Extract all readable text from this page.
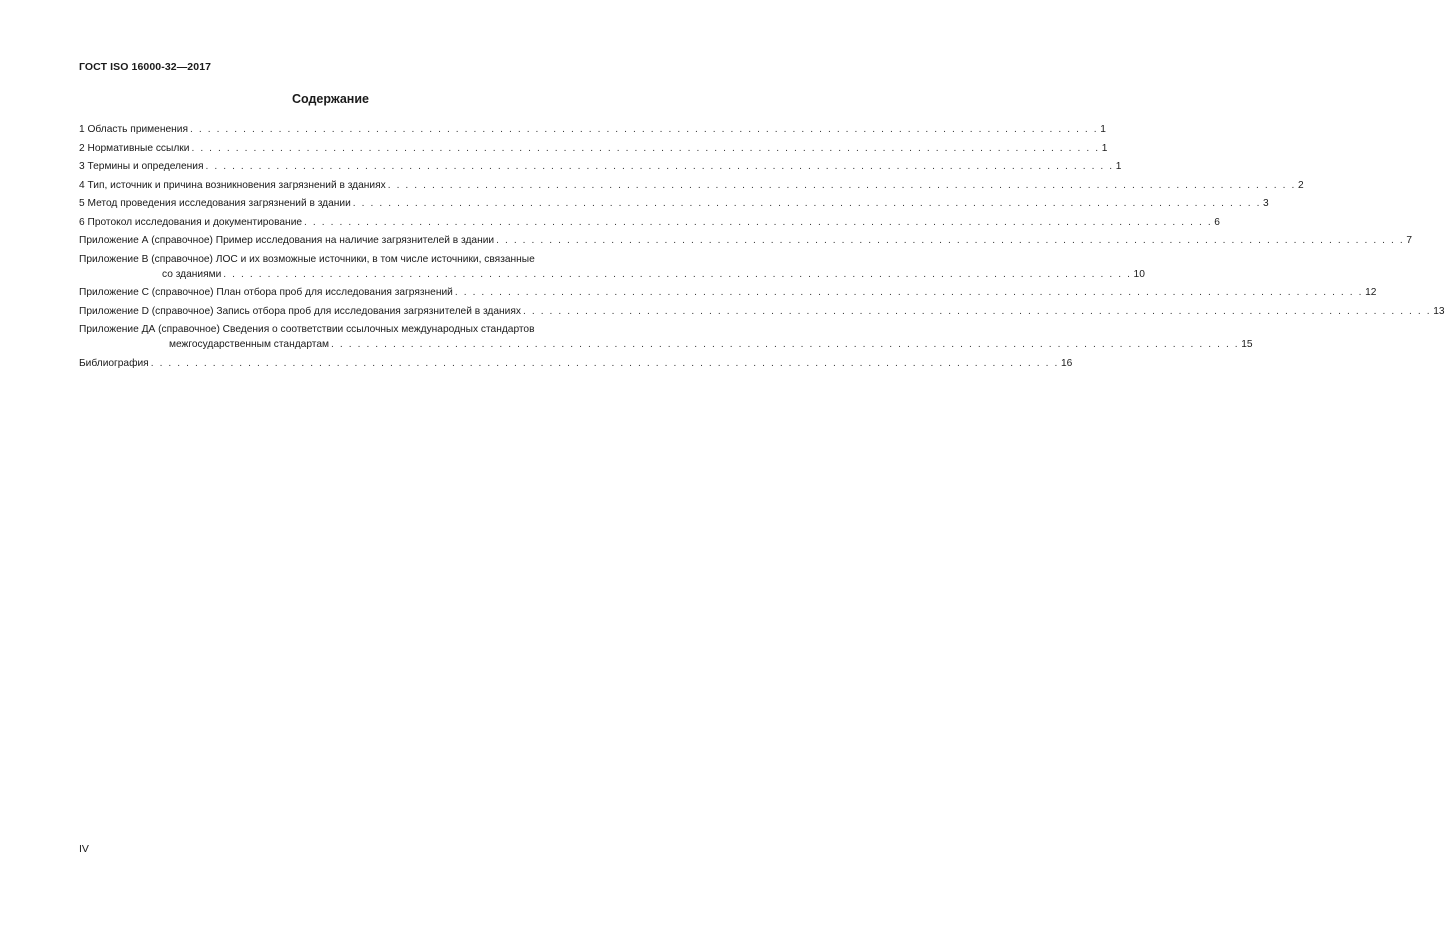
ГОСТ ISO 16000-32—2017
Содержание
1 Область применения . . . . . . . . . . . . . . . . . . . . . . . . . . . . . . . . . . . . . . . . . . . . . . . . . . . . . . . . . . . . . . . . . . . . . . . . . . . . . . . . . . . . . . . . . . . . . . . . . . . . . . . 1
2 Нормативные ссылки . . . . . . . . . . . . . . . . . . . . . . . . . . . . . . . . . . . . . . . . . . . . . . . . . . . . . . . . . . . . . . . . . . . . . . . . . . . . . . . . . . . . . . . . . . . . . . . . . . . . . . . 1
3 Термины и определения . . . . . . . . . . . . . . . . . . . . . . . . . . . . . . . . . . . . . . . . . . . . . . . . . . . . . . . . . . . . . . . . . . . . . . . . . . . . . . . . . . . . . . . . . . . . . . . . . . . . . . . 1
4 Тип, источник и причина возникновения загрязнений в зданиях . . . . . . . . . . . . . . . . . . . . . . . . . . . . . . . . . . . . . . . . . . . . . . . . . . . . . . . . . . . . . . . . . . . . . . . . . . . . . . . . . . . . . . . . . . . . . . . . . . . . . . . 2
5 Метод проведения исследования загрязнений в здании . . . . . . . . . . . . . . . . . . . . . . . . . . . . . . . . . . . . . . . . . . . . . . . . . . . . . . . . . . . . . . . . . . . . . . . . . . . . . . . . . . . . . . . . . . . . . . . . . . . . . . . 3
6 Протокол исследования и документирование . . . . . . . . . . . . . . . . . . . . . . . . . . . . . . . . . . . . . . . . . . . . . . . . . . . . . . . . . . . . . . . . . . . . . . . . . . . . . . . . . . . . . . . . . . . . . . . . . . . . . . . 6
Приложение А (справочное) Пример исследования на наличие загрязнителей в здании . . . . . . . . . . . . . . . . . . . . . . . . . . . . . . . . . . . . . . . . . . . . . . . . . . . . . . . . . . . . . . . . . . . . . . . . . . . . . . . . . . . . . . . . . . . . . . . . . . . . . . . 7
Приложение В (справочное) ЛОС и их возможные источники, в том числе источники, связанные
со зданиями . . . . . . . . . . . . . . . . . . . . . . . . . . . . . . . . . . . . . . . . . . . . . . . . . . . . . . . . . . . . . . . . . . . . . . . . . . . . . . . . . . . . . . . . . . . . . . . . . . . . . . . 10
Приложение С (справочное) План отбора проб для исследования загрязнений . . . . . . . . . . . . . . . . . . . . . . . . . . . . . . . . . . . . . . . . . . . . . . . . . . . . . . . . . . . . . . . . . . . . . . . . . . . . . . . . . . . . . . . . . . . . . . . . . . . . . . . 12
Приложение D (справочное) Запись отбора проб для исследования загрязнителей в зданиях . . . . . . . . . . . . . . . . . . . . . . . . . . . . . . . . . . . . . . . . . . . . . . . . . . . . . . . . . . . . . . . . . . . . . . . . . . . . . . . . . . . . . . . . . . . . . . . . . . . . . . . 13
Приложение ДА (справочное) Сведения о соответствии ссылочных международных стандартов
межгосударственным стандартам . . . . . . . . . . . . . . . . . . . . . . . . . . . . . . . . . . . . . . . . . . . . . . . . . . . . . . . . . . . . . . . . . . . . . . . . . . . . . . . . . . . . . . . . . . . . . . . . . . . . . . . 15
Библиография . . . . . . . . . . . . . . . . . . . . . . . . . . . . . . . . . . . . . . . . . . . . . . . . . . . . . . . . . . . . . . . . . . . . . . . . . . . . . . . . . . . . . . . . . . . . . . . . . . . . . . . 16
IV
